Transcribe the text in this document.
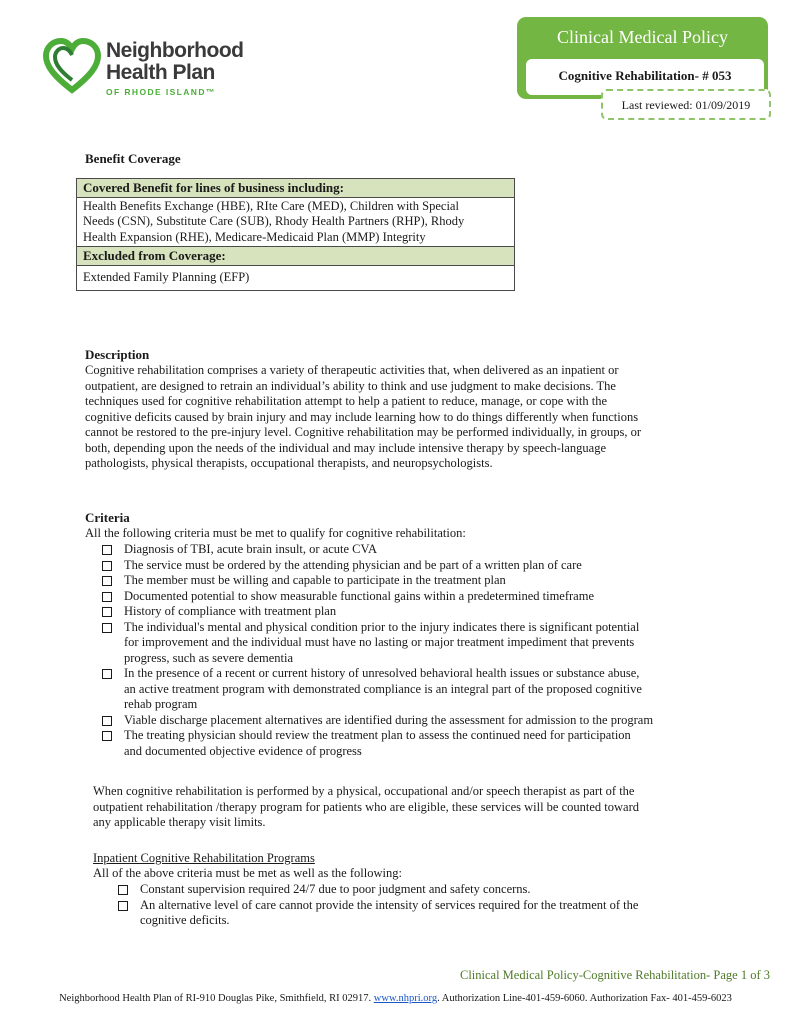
Neighborhood
Health Plan
OF RHODE ISLAND™
Clinical Medical Policy
Cognitive Rehabilitation- # 053
Last reviewed: 01/09/2019
Benefit Coverage
Covered Benefit for lines of business including:

Health Benefits Exchange (HBE), RIte Care (MED), Children with Special
Needs (CSN), Substitute Care (SUB), Rhody Health Partners (RHP), Rhody
Health Expansion (RHE), Medicare-Medicaid Plan (MMP) Integrity

Excluded from Coverage:
Extended Family Planning (EFP)
Description
Cognitive rehabilitation comprises a variety of therapeutic activities that, when delivered as an inpatient or
outpatient, are designed to retrain an individual’s ability to think and use judgment to make decisions. The
techniques used for cognitive rehabilitation attempt to help a patient to reduce, manage, or cope with the
cognitive deficits caused by brain injury and may include learning how to do things differently when functions
cannot be restored to the pre-injury level. Cognitive rehabilitation may be performed individually, in groups, or
both, depending upon the needs of the individual and may include intensive therapy by speech-language
pathologists, physical therapists, occupational therapists, and neuropsychologists.
Criteria
All the following criteria must be met to qualify for cognitive rehabilitation:
Diagnosis of TBI, acute brain insult, or acute CVA
The service must be ordered by the attending physician and be part of a written plan of care
The member must be willing and capable to participate in the treatment plan
Documented potential to show measurable functional gains within a predetermined timeframe
History of compliance with treatment plan
The individual's mental and physical condition prior to the injury indicates there is significant potential
for improvement and the individual must have no lasting or major treatment impediment that prevents
progress, such as severe dementia
In the presence of a recent or current history of unresolved behavioral health issues or substance abuse,
an active treatment program with demonstrated compliance is an integral part of the proposed cognitive
rehab program
Viable discharge placement alternatives are identified during the assessment for admission to the program
The treating physician should review the treatment plan to assess the continued need for participation
and documented objective evidence of progress
When cognitive rehabilitation is performed by a physical, occupational and/or speech therapist as part of the
outpatient rehabilitation /therapy program for patients who are eligible, these services will be counted toward
any applicable therapy visit limits.
Inpatient Cognitive Rehabilitation Programs
All of the above criteria must be met as well as the following:
Constant supervision required 24/7 due to poor judgment and safety concerns.
An alternative level of care cannot provide the intensity of services required for the treatment of the
cognitive deficits.
Clinical Medical Policy-Cognitive Rehabilitation- Page 1 of 3
Neighborhood Health Plan of RI-910 Douglas Pike, Smithfield, RI 02917. www.nhpri.org. Authorization Line-401-459-6060. Authorization Fax- 401-459-6023
